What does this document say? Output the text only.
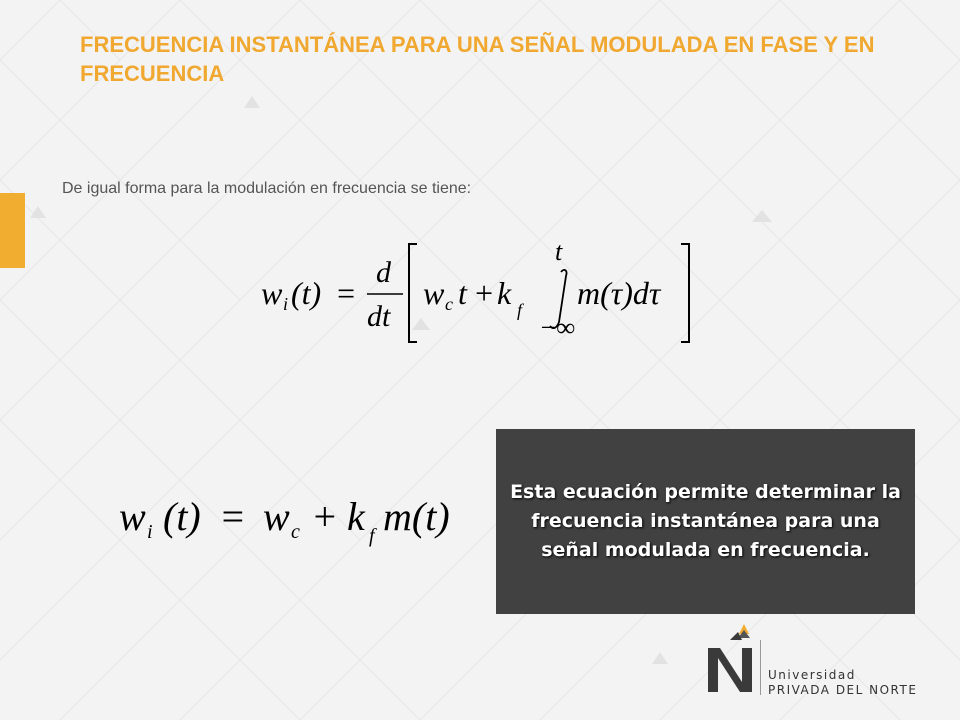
FRECUENCIA INSTANTÁNEA PARA UNA SEÑAL MODULADA EN FASE Y EN FRECUENCIA
De igual forma para la modulación en frecuencia se tiene:
w i (t) =
d
dt
w c t + k f
t
−∞
m(τ)dτ
w i (t) = w c + k f m(t)
Esta ecuación permite determinar la frecuencia instantánea para una señal modulada en frecuencia.
Universidad
PRIVADA DEL NORTE
